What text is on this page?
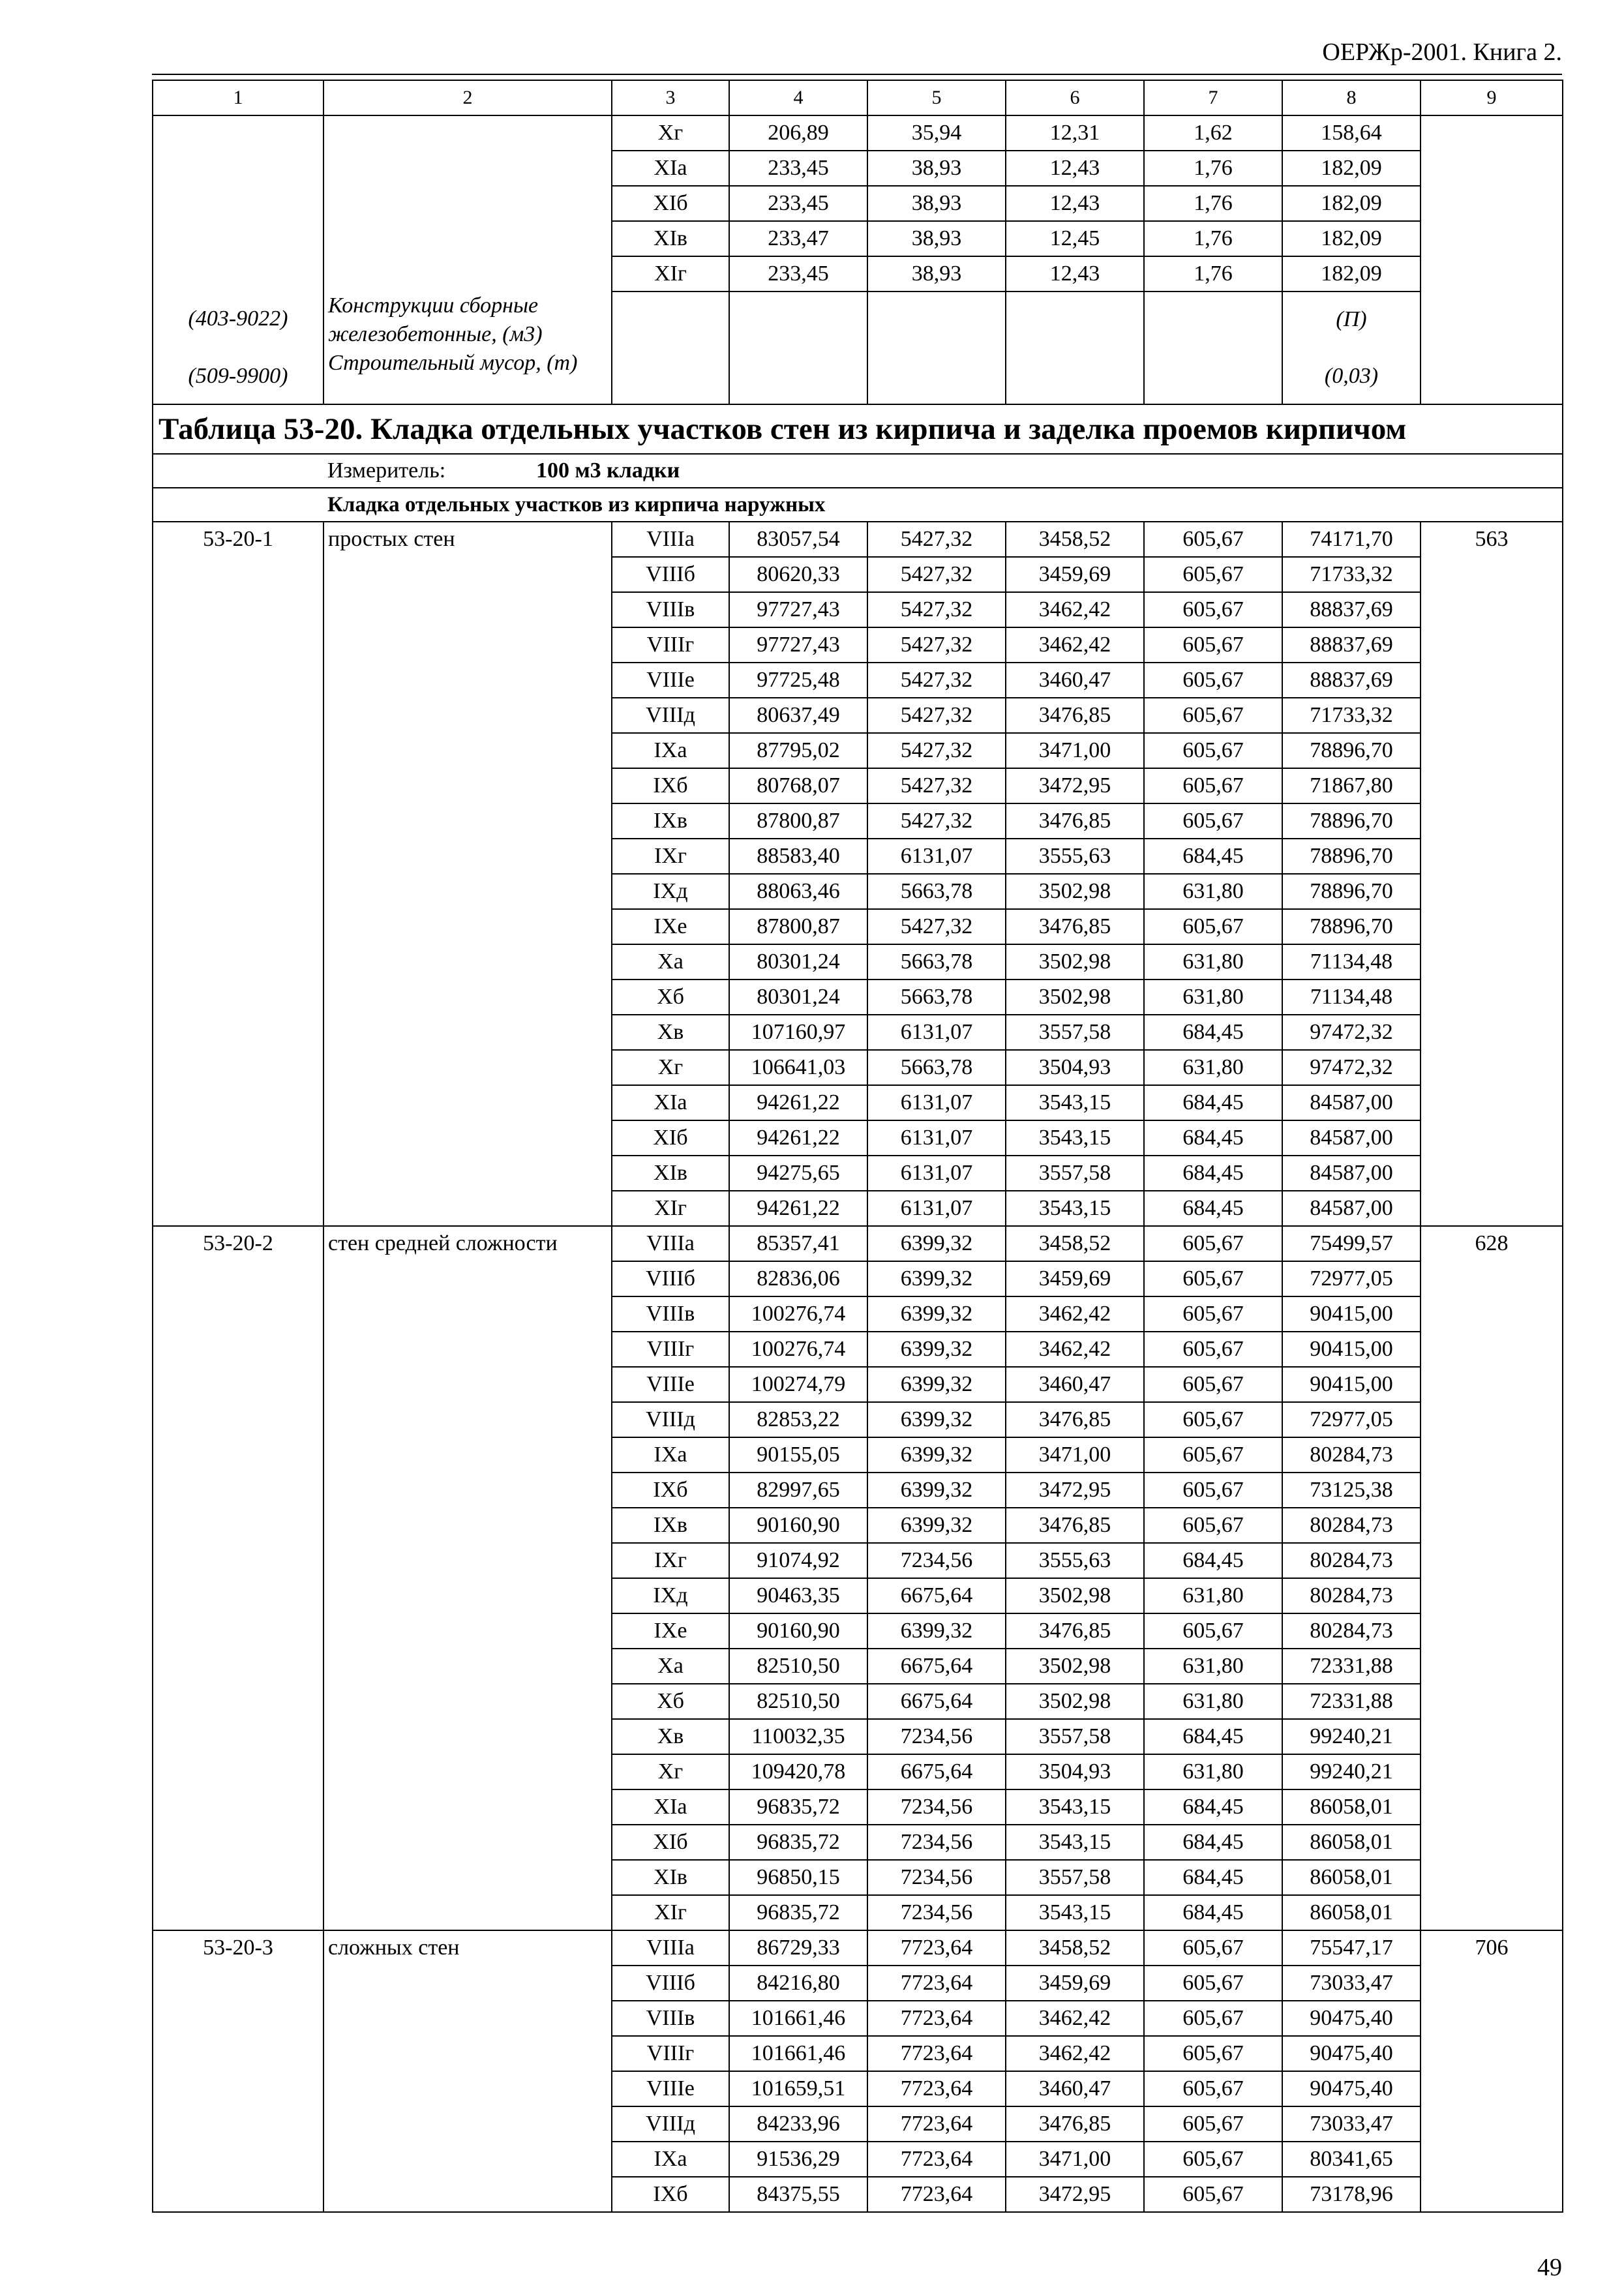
ОЕРЖр-2001. Книга 2.
1	2	3	4	5	6	7	8	9
		Xг	206,89	35,94	12,31	1,62	158,64	
		XIа	233,45	38,93	12,43	1,76	182,09	
		XIб	233,45	38,93	12,43	1,76	182,09	
		XIв	233,47	38,93	12,45	1,76	182,09	
		XIг	233,45	38,93	12,43	1,76	182,09	
(403-9022)	Конструкции сборные железобетонные, (м3)						(П)	
(509-9900)	Строительный мусор, (т)						(0,03)	
Таблица 53-20. Кладка отдельных участков стен из кирпича и заделка проемов кирпичом								
	Измеритель: 100 м3 кладки							
	Кладка отдельных участков из кирпича наружных							
53-20-1	простых стен	VIIIа	83057,54	5427,32	3458,52	605,67	74171,70	563
		VIIIб	80620,33	5427,32	3459,69	605,67	71733,32	
		VIIIв	97727,43	5427,32	3462,42	605,67	88837,69	
		VIIIг	97727,43	5427,32	3462,42	605,67	88837,69	
		VIIIе	97725,48	5427,32	3460,47	605,67	88837,69	
		VIIIд	80637,49	5427,32	3476,85	605,67	71733,32	
		IXа	87795,02	5427,32	3471,00	605,67	78896,70	
		IXб	80768,07	5427,32	3472,95	605,67	71867,80	
		IXв	87800,87	5427,32	3476,85	605,67	78896,70	
		IXг	88583,40	6131,07	3555,63	684,45	78896,70	
		IXд	88063,46	5663,78	3502,98	631,80	78896,70	
		IXе	87800,87	5427,32	3476,85	605,67	78896,70	
		Xа	80301,24	5663,78	3502,98	631,80	71134,48	
		Xб	80301,24	5663,78	3502,98	631,80	71134,48	
		Xв	107160,97	6131,07	3557,58	684,45	97472,32	
		Xг	106641,03	5663,78	3504,93	631,80	97472,32	
		XIа	94261,22	6131,07	3543,15	684,45	84587,00	
		XIб	94261,22	6131,07	3543,15	684,45	84587,00	
		XIв	94275,65	6131,07	3557,58	684,45	84587,00	
		XIг	94261,22	6131,07	3543,15	684,45	84587,00	
53-20-2	стен средней сложности	VIIIа	85357,41	6399,32	3458,52	605,67	75499,57	628
		VIIIб	82836,06	6399,32	3459,69	605,67	72977,05	
		VIIIв	100276,74	6399,32	3462,42	605,67	90415,00	
		VIIIг	100276,74	6399,32	3462,42	605,67	90415,00	
		VIIIе	100274,79	6399,32	3460,47	605,67	90415,00	
		VIIIд	82853,22	6399,32	3476,85	605,67	72977,05	
		IXа	90155,05	6399,32	3471,00	605,67	80284,73	
		IXб	82997,65	6399,32	3472,95	605,67	73125,38	
		IXв	90160,90	6399,32	3476,85	605,67	80284,73	
		IXг	91074,92	7234,56	3555,63	684,45	80284,73	
		IXд	90463,35	6675,64	3502,98	631,80	80284,73	
		IXе	90160,90	6399,32	3476,85	605,67	80284,73	
		Xа	82510,50	6675,64	3502,98	631,80	72331,88	
		Xб	82510,50	6675,64	3502,98	631,80	72331,88	
		Xв	110032,35	7234,56	3557,58	684,45	99240,21	
		Xг	109420,78	6675,64	3504,93	631,80	99240,21	
		XIа	96835,72	7234,56	3543,15	684,45	86058,01	
		XIб	96835,72	7234,56	3543,15	684,45	86058,01	
		XIв	96850,15	7234,56	3557,58	684,45	86058,01	
		XIг	96835,72	7234,56	3543,15	684,45	86058,01	
53-20-3	сложных стен	VIIIа	86729,33	7723,64	3458,52	605,67	75547,17	706
		VIIIб	84216,80	7723,64	3459,69	605,67	73033,47	
		VIIIв	101661,46	7723,64	3462,42	605,67	90475,40	
		VIIIг	101661,46	7723,64	3462,42	605,67	90475,40	
		VIIIе	101659,51	7723,64	3460,47	605,67	90475,40	
		VIIIд	84233,96	7723,64	3476,85	605,67	73033,47	
		IXа	91536,29	7723,64	3471,00	605,67	80341,65	
		IXб	84375,55	7723,64	3472,95	605,67	73178,96	
49
